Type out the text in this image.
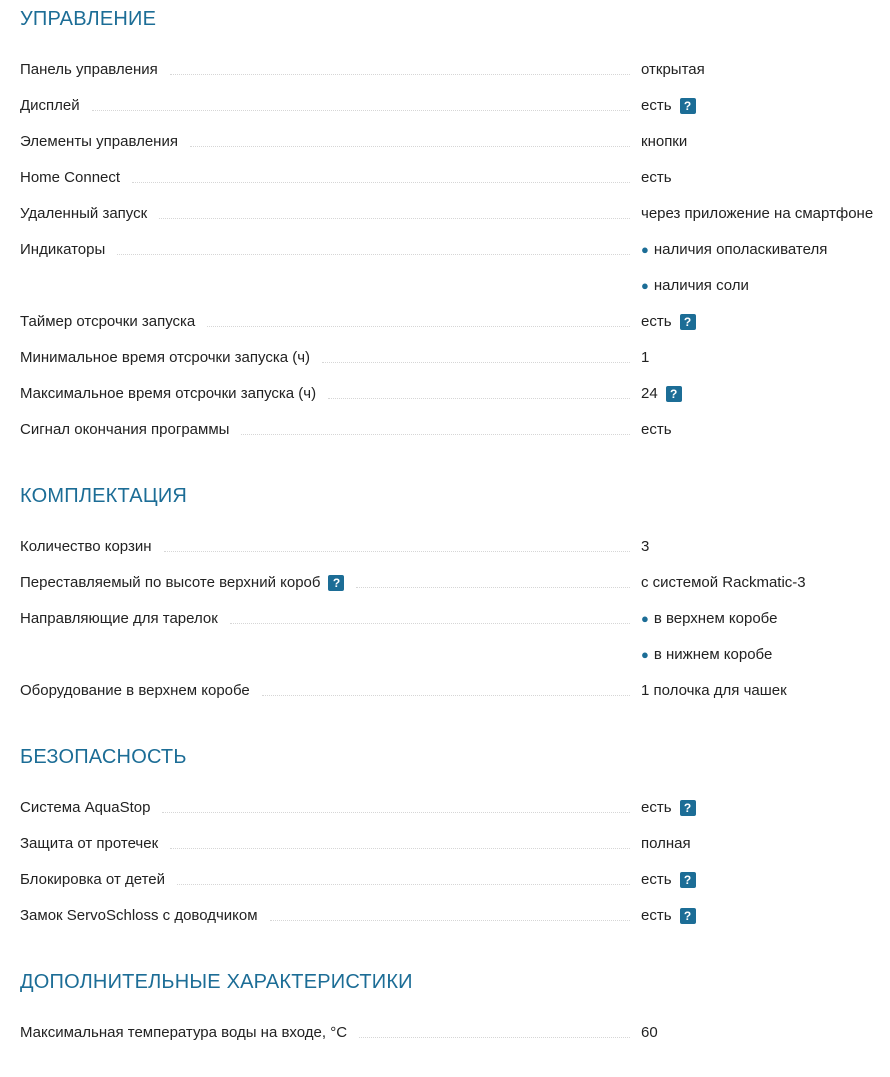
УПРАВЛЕНИЕ
Панель управления	открытая
Дисплей	есть	?
Элементы управления	кнопки
Home Connect	есть
Удаленный запуск	через приложение на смартфоне
Индикаторы	● наличия ополаскивателя
● наличия соли
Таймер отсрочки запуска	есть	?
Минимальное время отсрочки запуска (ч)	1
Максимальное время отсрочки запуска (ч)	24	?
Сигнал окончания программы	есть
КОМПЛЕКТАЦИЯ
Количество корзин	3
Переставляемый по высоте верхний короб	?	с системой Rackmatic-3
Направляющие для тарелок	● в верхнем коробе
● в нижнем коробе
Оборудование в верхнем коробе	1 полочка для чашек
БЕЗОПАСНОСТЬ
Система AquaStop	есть	?
Защита от протечек	полная
Блокировка от детей	есть	?
Замок ServoSchloss с доводчиком	есть	?
ДОПОЛНИТЕЛЬНЫЕ ХАРАКТЕРИСТИКИ
Максимальная температура воды на входе, °C	60
